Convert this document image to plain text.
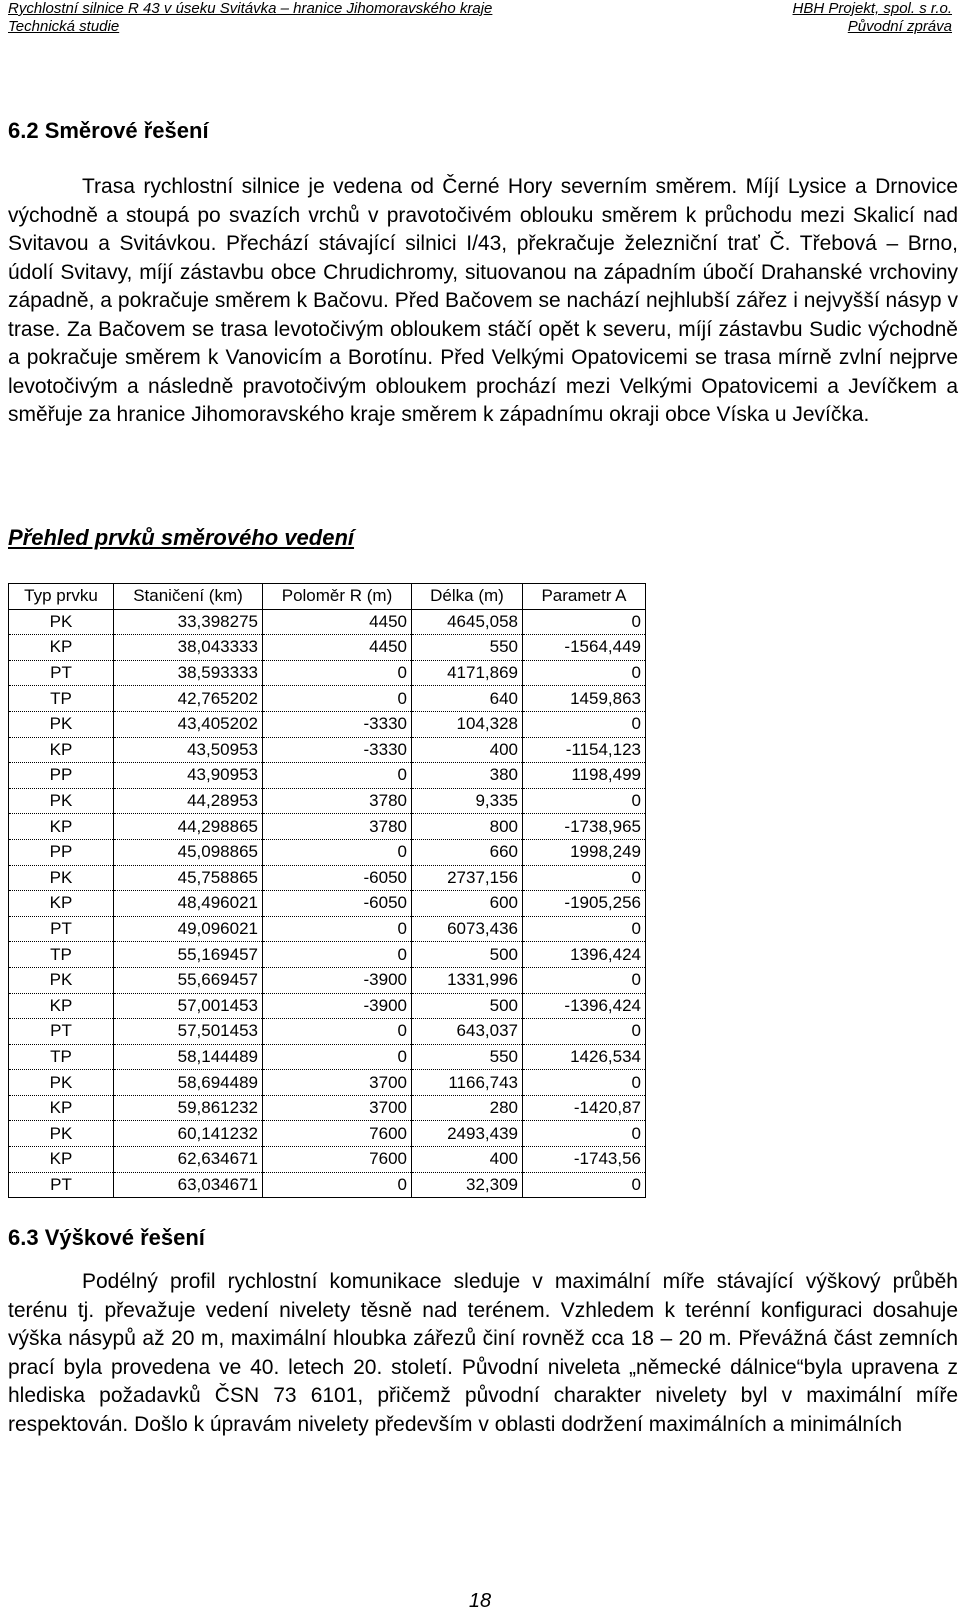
Rychlostní silnice R 43 v úseku Svitávka – hranice Jihomoravského kraje	HBH Projekt, spol. s r.o.
Technická studie	Původní zpráva
6.2 Směrové řešení
Trasa rychlostní silnice je vedena od Černé Hory severním směrem. Míjí Lysice a Drnovice východně a stoupá po svazích vrchů v pravotočivém oblouku směrem k průchodu mezi Skalicí nad Svitavou a Svitávkou. Přechází stávající silnici I/43, překračuje železniční trať Č. Třebová – Brno, údolí Svitavy, míjí zástavbu obce Chrudichromy, situovanou na západním úbočí Drahanské vrchoviny západně, a pokračuje směrem k Bačovu. Před Bačovem se nachází nejhlubší zářez i nejvyšší násyp v trase. Za Bačovem se trasa levotočivým obloukem stáčí opět k severu, míjí zástavbu Sudic východně a pokračuje směrem k Vanovicím a Borotínu. Před Velkými Opatovicemi se trasa mírně zvlní nejprve levotočivým a následně pravotočivým obloukem prochází mezi Velkými Opatovicemi a Jevíčkem a směřuje za hranice Jihomoravského kraje směrem k západnímu okraji obce Víska u Jevíčka.
Přehled prvků směrového vedení
Typ prvku	Staničení (km)	Poloměr R (m)	Délka (m)	Parametr A
PK	33,398275	4450	4645,058	0
KP	38,043333	4450	550	-1564,449
PT	38,593333	0	4171,869	0
TP	42,765202	0	640	1459,863
PK	43,405202	-3330	104,328	0
KP	43,50953	-3330	400	-1154,123
PP	43,90953	0	380	1198,499
PK	44,28953	3780	9,335	0
KP	44,298865	3780	800	-1738,965
PP	45,098865	0	660	1998,249
PK	45,758865	-6050	2737,156	0
KP	48,496021	-6050	600	-1905,256
PT	49,096021	0	6073,436	0
TP	55,169457	0	500	1396,424
PK	55,669457	-3900	1331,996	0
KP	57,001453	-3900	500	-1396,424
PT	57,501453	0	643,037	0
TP	58,144489	0	550	1426,534
PK	58,694489	3700	1166,743	0
KP	59,861232	3700	280	-1420,87
PK	60,141232	7600	2493,439	0
KP	62,634671	7600	400	-1743,56
PT	63,034671	0	32,309	0
6.3 Výškové řešení
Podélný profil rychlostní komunikace sleduje v maximální míře stávající výškový průběh terénu tj. převažuje vedení nivelety těsně nad terénem. Vzhledem k terénní konfiguraci dosahuje výška násypů až 20 m, maximální hloubka zářezů činí rovněž cca 18 – 20 m. Převážná část zemních prací byla provedena ve 40. letech 20. století. Původní niveleta „německé dálnice“byla upravena z hlediska požadavků ČSN 73 6101, přičemž původní charakter nivelety byl v maximální míře respektován. Došlo k úpravám nivelety především v oblasti dodržení maximálních a minimálních
18
